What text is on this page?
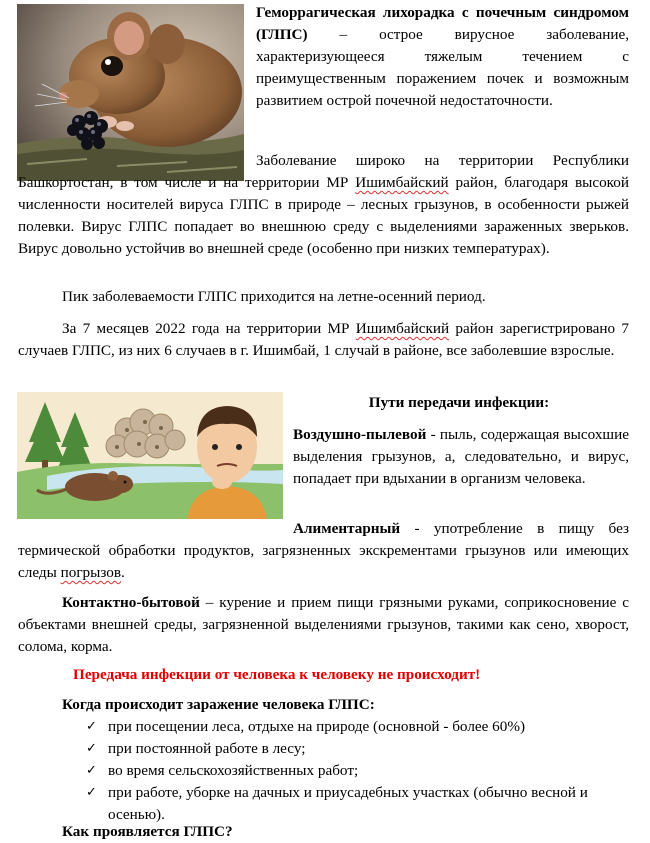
Геморрагическая лихорадка с почечным синдромом (ГЛПС) – острое вирусное заболевание, характеризующееся тяжелым течением с преимущественным поражением почек и возможным развитием острой почечной недостаточности.

Заболевание широко на территории Республики Башкортостан, в том числе и на территории МР Ишимбайский район, благодаря высокой численности носителей вируса ГЛПС в природе – лесных грызунов, в особенности рыжей полевки. Вирус ГЛПС попадает во внешнюю среду с выделениями зараженных зверьков. Вирус довольно устойчив во внешней среде (особенно при низких температурах).

Пик заболеваемости ГЛПС приходится на летне-осенний период.

За 7 месяцев 2022 года на территории МР Ишимбайский район зарегистрировано 7 случаев ГЛПС, из них 6 случаев в г. Ишимбай, 1 случай в районе, все заболевшие взрослые.

Пути передачи инфекции:

Воздушно-пылевой - пыль, содержащая высохшие выделения грызунов, а, следовательно, и вирус, попадает при вдыхании в организм человека.

Алиментарный - употребление в пищу без термической обработки продуктов, загрязненных экскрементами грызунов или имеющих следы погрызов.

Контактно-бытовой – курение и прием пищи грязными руками, соприкосновение с объектами внешней среды, загрязненной выделениями грызунов, такими как сено, хворост, солома, корма.

Передача инфекции от человека к человеку не происходит!

Когда происходит заражение человека ГЛПС:

✓ при посещении леса, отдыхе на природе (основной - более 60%)
✓ при постоянной работе в лесу;
✓ во время сельскохозяйственных работ;
✓ при работе, уборке на дачных и приусадебных участках (обычно весной и осенью).

Как проявляется ГЛПС?
